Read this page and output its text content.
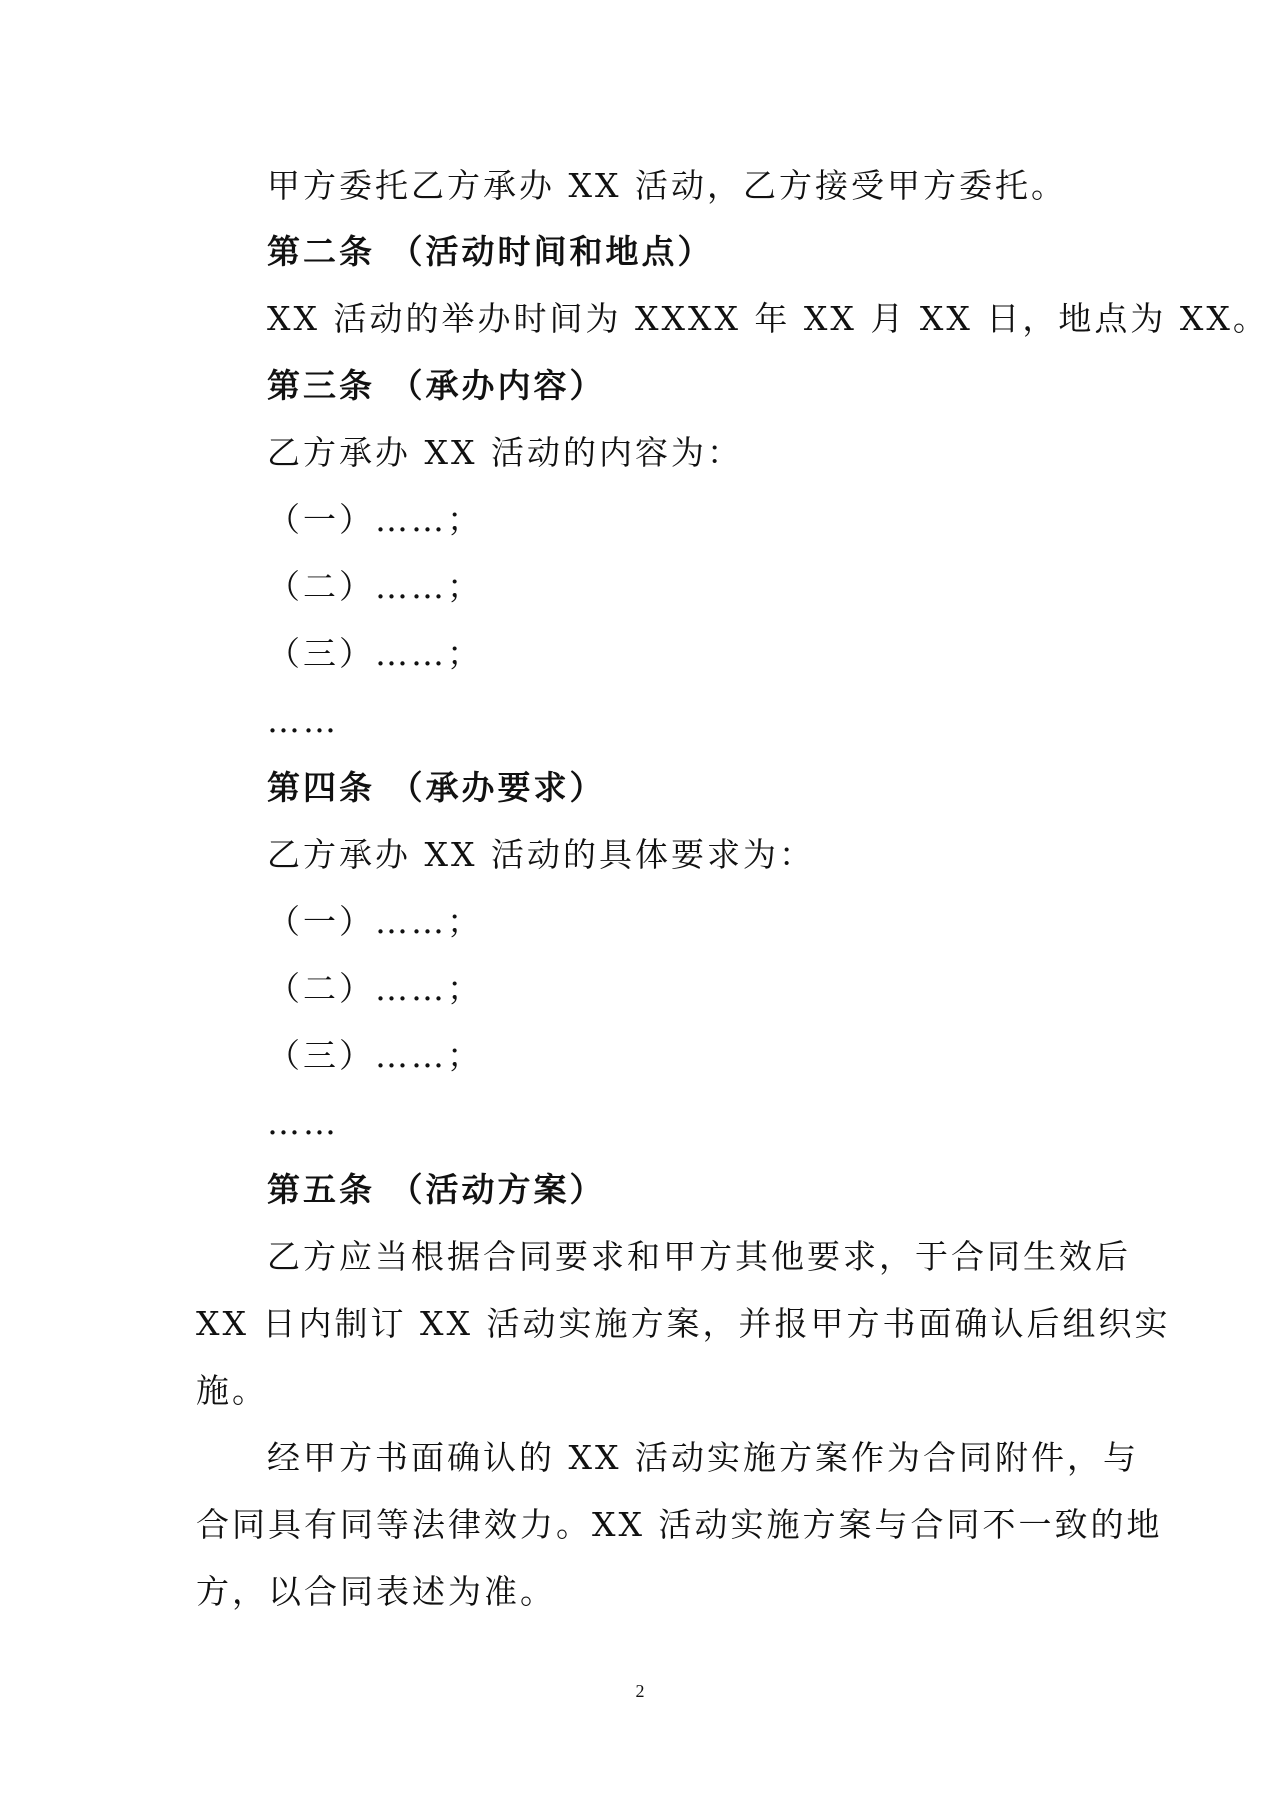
甲方委托乙方承办 XX 活动，乙方接受甲方委托。
第二条 （活动时间和地点）
XX 活动的举办时间为 XXXX 年 XX 月 XX 日，地点为 XX。
第三条 （承办内容）
乙方承办 XX 活动的内容为：
（一）……；
（二）……；
（三）……；
……
第四条 （承办要求）
乙方承办 XX 活动的具体要求为：
（一）……；
（二）……；
（三）……；
……
第五条 （活动方案）
乙方应当根据合同要求和甲方其他要求，于合同生效后
XX 日内制订 XX 活动实施方案，并报甲方书面确认后组织实
施。
经甲方书面确认的 XX 活动实施方案作为合同附件，与
合同具有同等法律效力。XX 活动实施方案与合同不一致的地
方，以合同表述为准。
2
